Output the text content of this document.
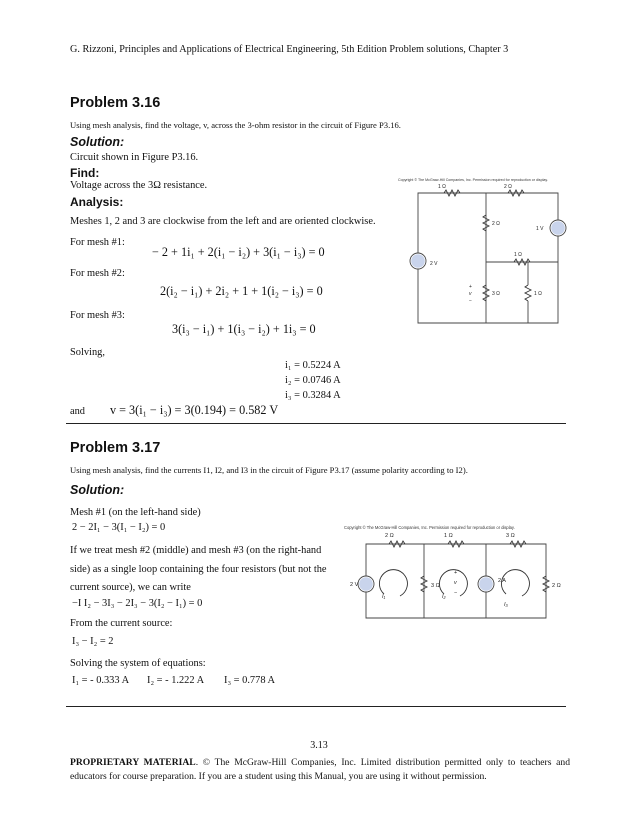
G. Rizzoni, Principles and Applications of Electrical Engineering, 5th Edition Problem solutions, Chapter 3
Problem 3.16
Using mesh analysis, find the voltage, v, across the 3-ohm resistor in the circuit of Figure P3.16.
Solution:
Circuit shown in Figure P3.16.
Find:
Voltage across the 3Ω resistance.
Analysis:
Meshes 1, 2 and 3 are clockwise from the left and are oriented clockwise.
For mesh #1:
− 2 + 1i₁ + 2(i₁ − i₂) + 3(i₁ − i₃) = 0
For mesh #2:
2(i₂ − i₁) + 2i₂ + 1 + 1(i₂ − i₃) = 0
For mesh #3:
3(i₃ − i₁) + 1(i₃ − i₂) + 1i₃ = 0
Solving,
i₁ = 0.5224 A
i₂ = 0.0746 A
i₃ = 0.3284 A
and v = 3(i₁ − i₃) = 3(0.194) = 0.582 V
Copyright © The McGraw-Hill Companies, Inc. Permission required for reproduction or display.
1 Ω	2 Ω
2 Ω
1 Ω
3 Ω	1 Ω
2 V
1 V
+
v
−
Problem 3.17
Using mesh analysis, find the currents I1, I2, and I3 in the circuit of Figure P3.17 (assume polarity according to I2).
Solution:
Mesh #1 (on the left-hand side)
2 − 2I₁ − 3(I₁ − I₂) = 0
If we treat mesh #2 (middle) and mesh #3 (on the right-hand
side) as a single loop containing the four resistors (but not the
current source), we can write
−I I₂ − 3I₃ − 2I₃ − 3(I₂ − I₁) = 0
From the current source:
I₃ − I₂ = 2
Solving the system of equations:
I₁ = - 0.333 A I₂ = - 1.222 A I₃ = 0.778 A
Copyright © The McGraw-Hill Companies, Inc. Permission required for reproduction or display.
2 Ω	1 Ω	3 Ω
3 Ω	2 Ω
2 V
2 A
I₁	I₂
I₃
+
v
−
3.13
PROPRIETARY MATERIAL. © The McGraw-Hill Companies, Inc. Limited distribution permitted only to teachers and educators for course preparation. If you are a student using this Manual, you are using it without permission.
